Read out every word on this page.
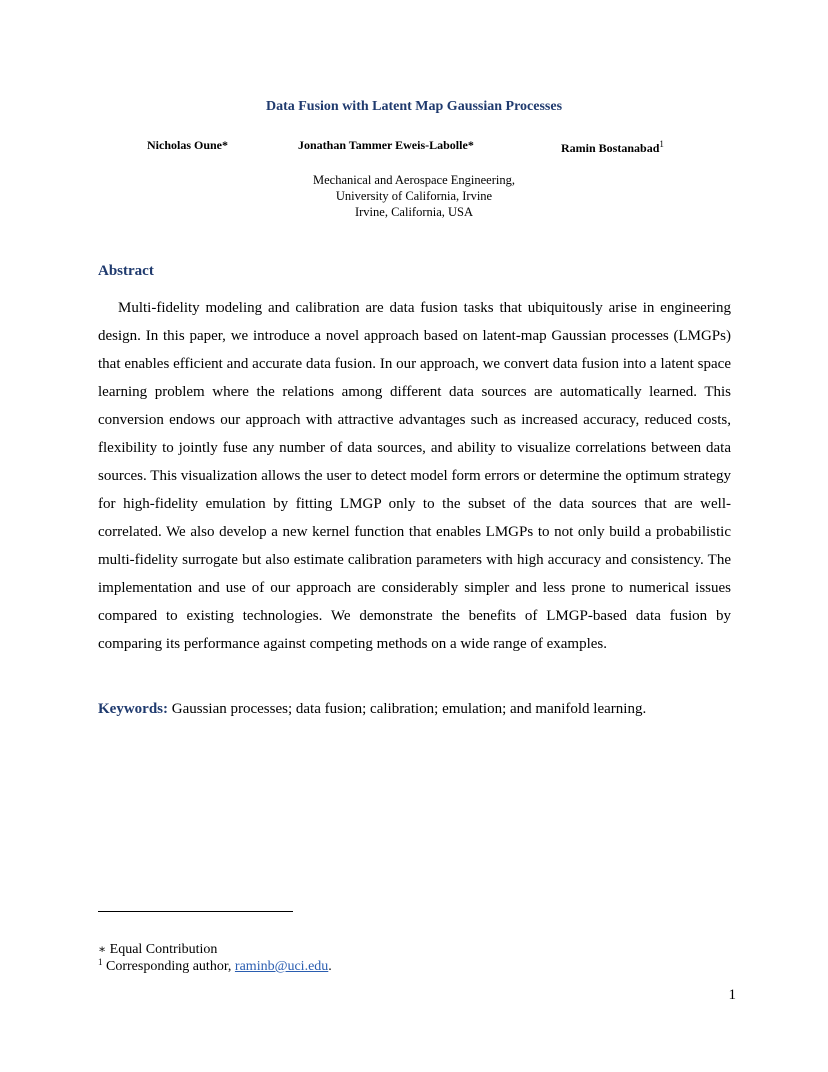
Data Fusion with Latent Map Gaussian Processes
Nicholas Oune*	Jonathan Tammer Eweis-Labolle*	Ramin Bostanabad$^1$
Mechanical and Aerospace Engineering,
University of California, Irvine
Irvine, California, USA
Abstract

Multi-fidelity modeling and calibration are data fusion tasks that ubiquitously arise in engineering design. In this paper, we introduce a novel approach based on latent-map Gaussian processes (LMGPs) that enables efficient and accurate data fusion. In our approach, we convert data fusion into a latent space learning problem where the relations among different data sources are automatically learned. This conversion endows our approach with attractive advantages such as increased accuracy, reduced costs, flexibility to jointly fuse any number of data sources, and ability to visualize correlations between data sources. This visualization allows the user to detect model form errors or determine the optimum strategy for high-fidelity emulation by fitting LMGP only to the subset of the data sources that are well-correlated. We also develop a new kernel function that enables LMGPs to not only build a probabilistic multi-fidelity surrogate but also estimate calibration parameters with high accuracy and consistency. The implementation and use of our approach are considerably simpler and less prone to numerical issues compared to existing technologies. We demonstrate the benefits of LMGP-based data fusion by comparing its performance against competing methods on a wide range of examples.

Keywords: Gaussian processes; data fusion; calibration; emulation; and manifold learning.
∗ Equal Contribution
$^1$ Corresponding author, raminb@uci.edu.
1
